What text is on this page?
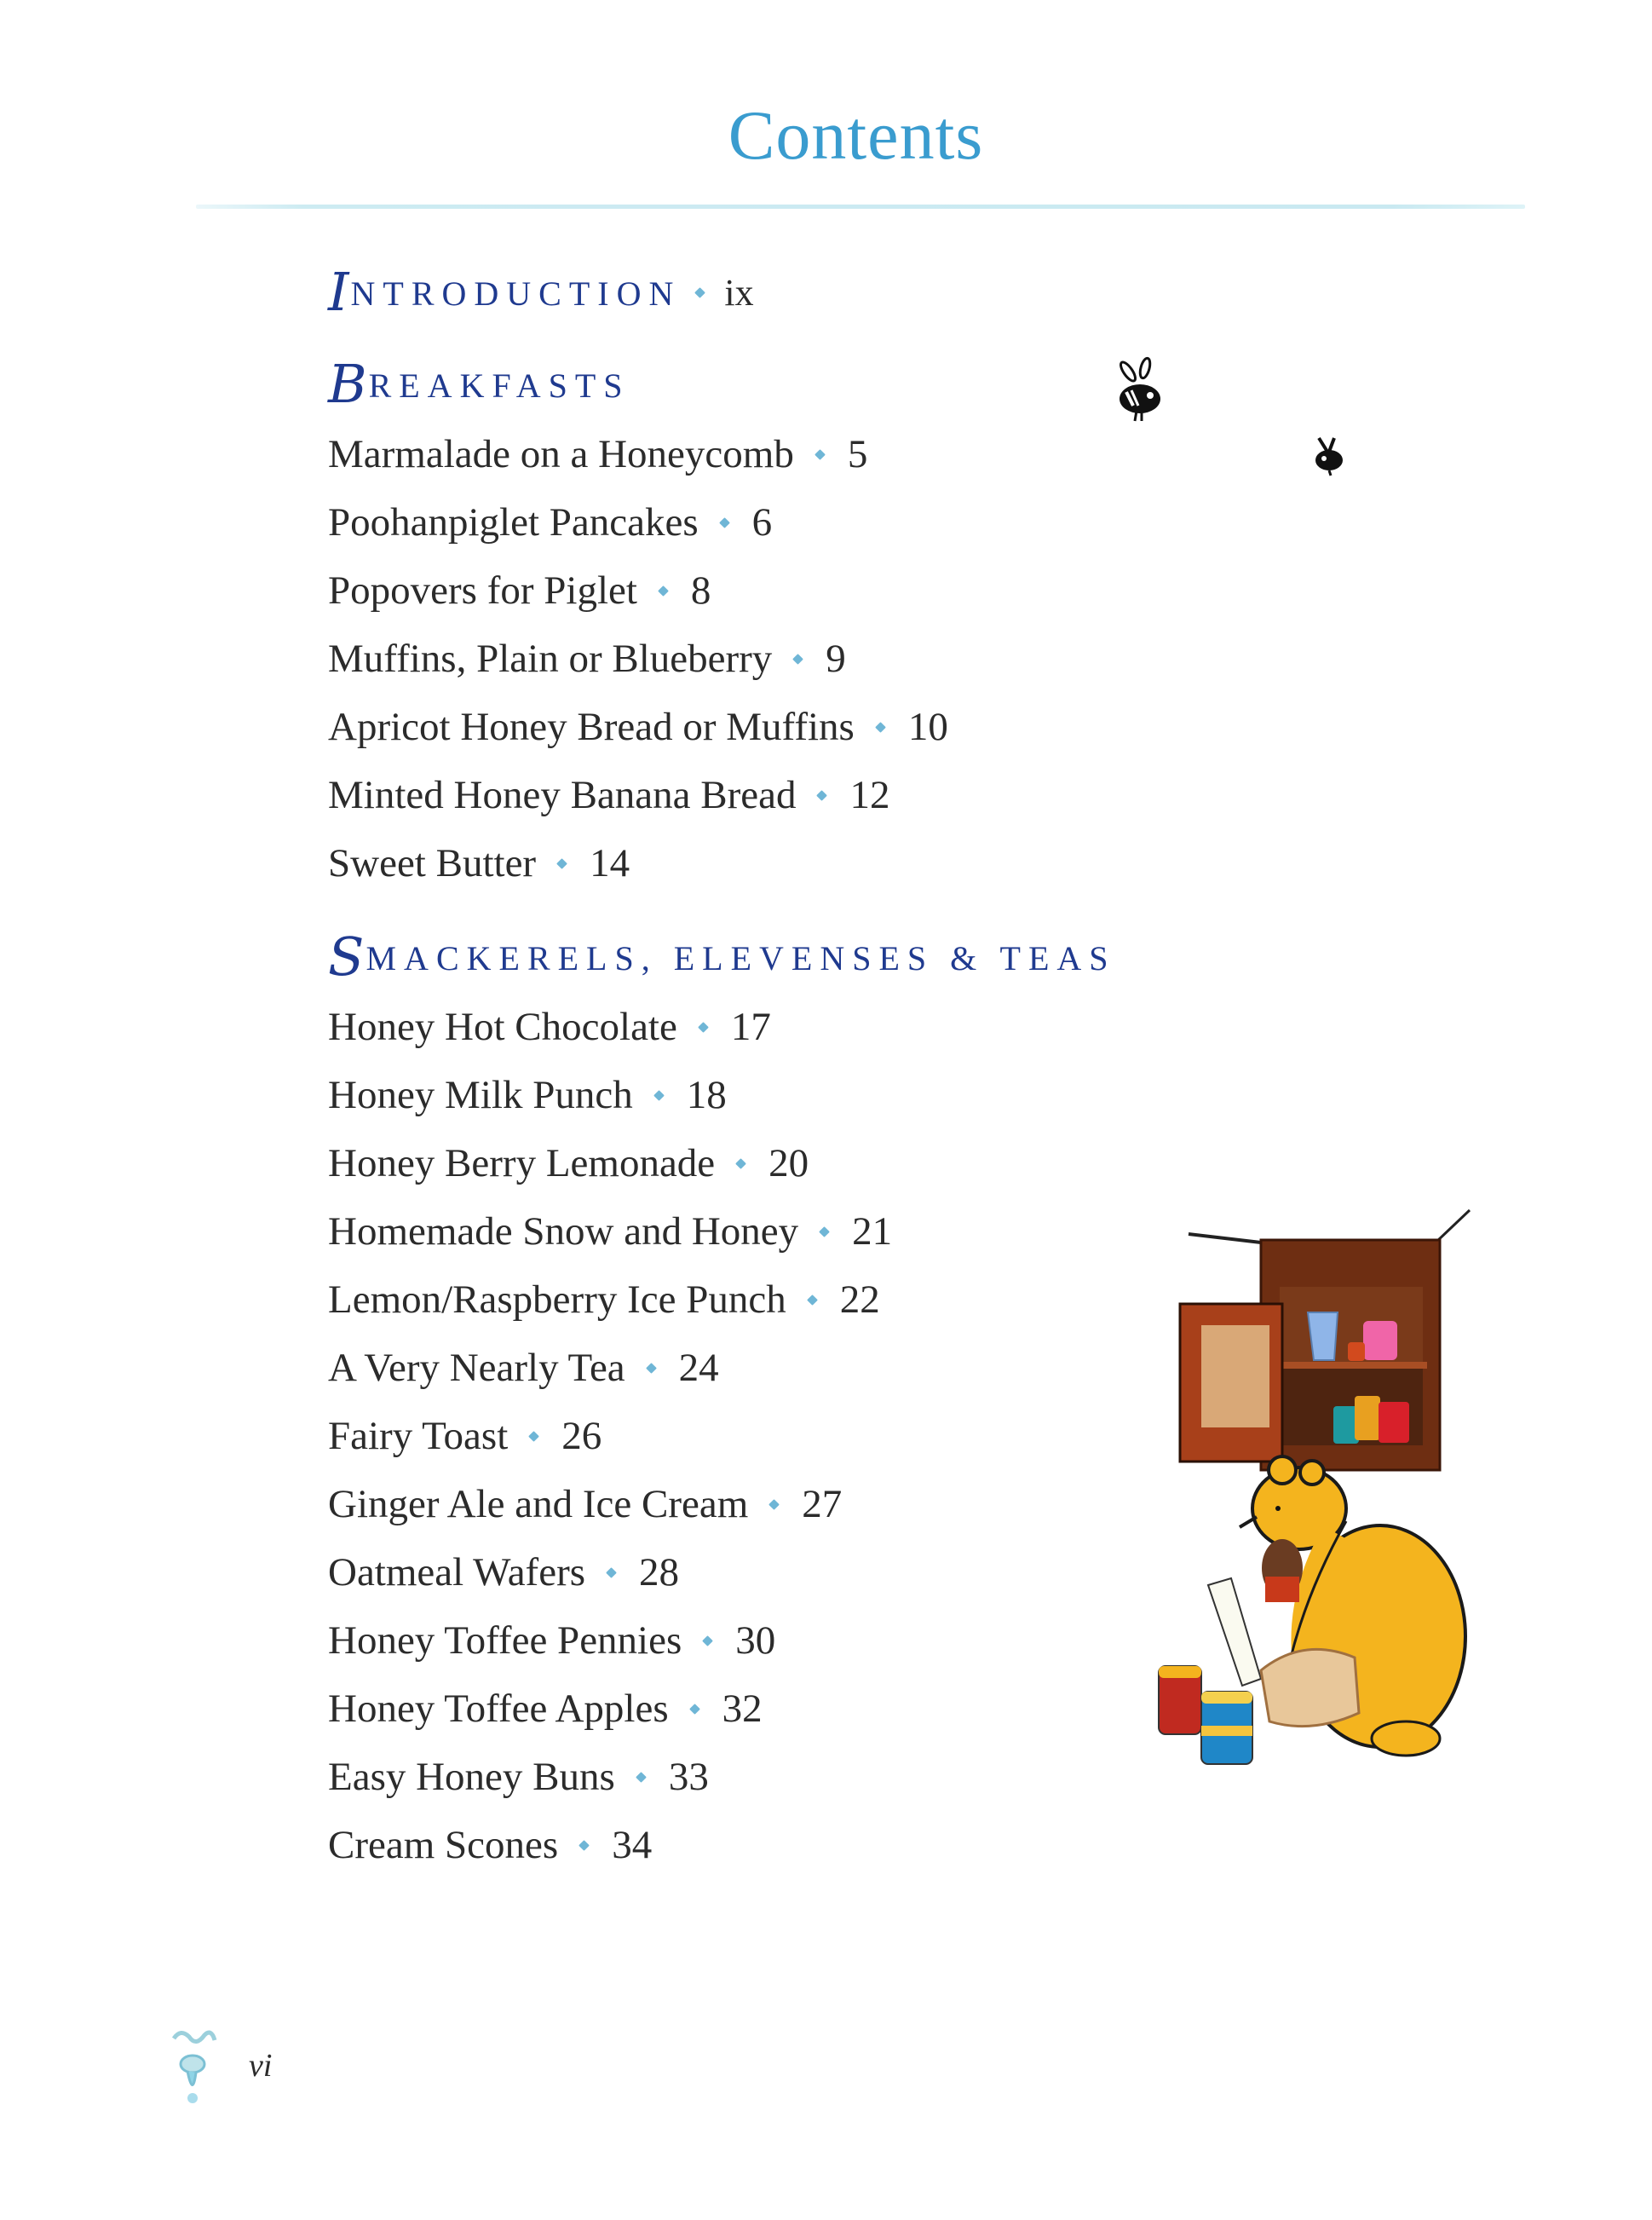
Contents
INTRODUCTION ix
BREAKFASTS
Marmalade on a Honeycomb 5
Poohanpiglet Pancakes 6
Popovers for Piglet 8
Muffins, Plain or Blueberry 9
Apricot Honey Bread or Muffins 10
Minted Honey Banana Bread 12
Sweet Butter 14
SMACKERELS, ELEVENSES & TEAS
Honey Hot Chocolate 17
Honey Milk Punch 18
Honey Berry Lemonade 20
Homemade Snow and Honey 21
Lemon/Raspberry Ice Punch 22
A Very Nearly Tea 24
Fairy Toast 26
Ginger Ale and Ice Cream 27
Oatmeal Wafers 28
Honey Toffee Pennies 30
Honey Toffee Apples 32
Easy Honey Buns 33
Cream Scones 34
vi
